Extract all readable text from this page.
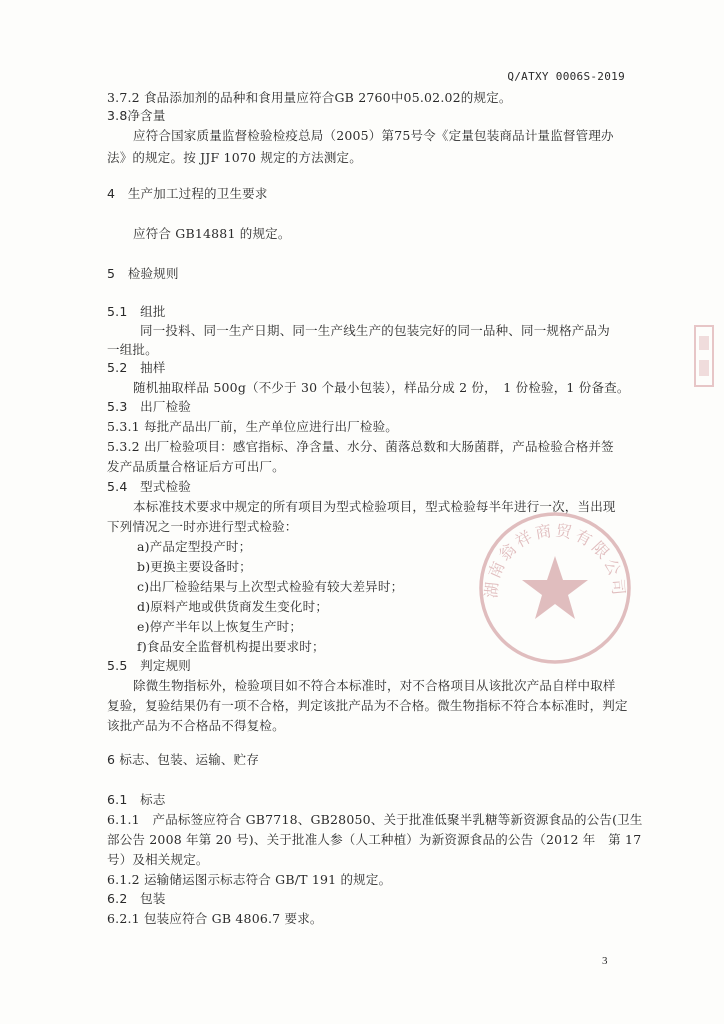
Q/ATXY 0006S-2019
3.7.2 食品添加剂的品种和食用量应符合GB 2760中05.02.02的规定。
3.8净含量
应符合国家质量监督检验检疫总局（2005）第75号令《定量包装商品计量监督管理办
法》的规定。按 JJF 1070 规定的方法测定。
4　生产加工过程的卫生要求
应符合 GB14881 的规定。
5　检验规则
5.1　组批
同一投料、同一生产日期、同一生产线生产的包装完好的同一品种、同一规格产品为
一组批。
5.2　抽样
随机抽取样品 500g（不少于 30 个最小包装），样品分成 2 份，　1 份检验，1 份备查。
5.3　出厂检验
5.3.1 每批产品出厂前，生产单位应进行出厂检验。
5.3.2 出厂检验项目：感官指标、净含量、水分、菌落总数和大肠菌群，产品检验合格并签
发产品质量合格证后方可出厂。
5.4　型式检验
本标准技术要求中规定的所有项目为型式检验项目，型式检验每半年进行一次，当出现
下列情况之一时亦进行型式检验：
a)产品定型投产时；
b)更换主要设备时；
c)出厂检验结果与上次型式检验有较大差异时；
d)原料产地或供货商发生变化时；
e)停产半年以上恢复生产时；
f)食品安全监督机构提出要求时；
5.5　判定规则
除微生物指标外，检验项目如不符合本标准时，对不合格项目从该批次产品自样中取样
复验，复验结果仍有一项不合格，判定该批产品为不合格。微生物指标不符合本标准时，判定
该批产品为不合格品不得复检。
6 标志、包装、运输、贮存
6.1　标志
6.1.1　产品标签应符合 GB7718、GB28050、关于批准低聚半乳糖等新资源食品的公告(卫生
部公告 2008 年第 20 号)、关于批准人参（人工种植）为新资源食品的公告（2012 年　第 17
号）及相关规定。
6.1.2 运输储运图示标志符合 GB/T 191 的规定。
6.2　包装
6.2.1 包装应符合 GB 4806.7 要求。
3
湖南翁祥商贸有限公司
